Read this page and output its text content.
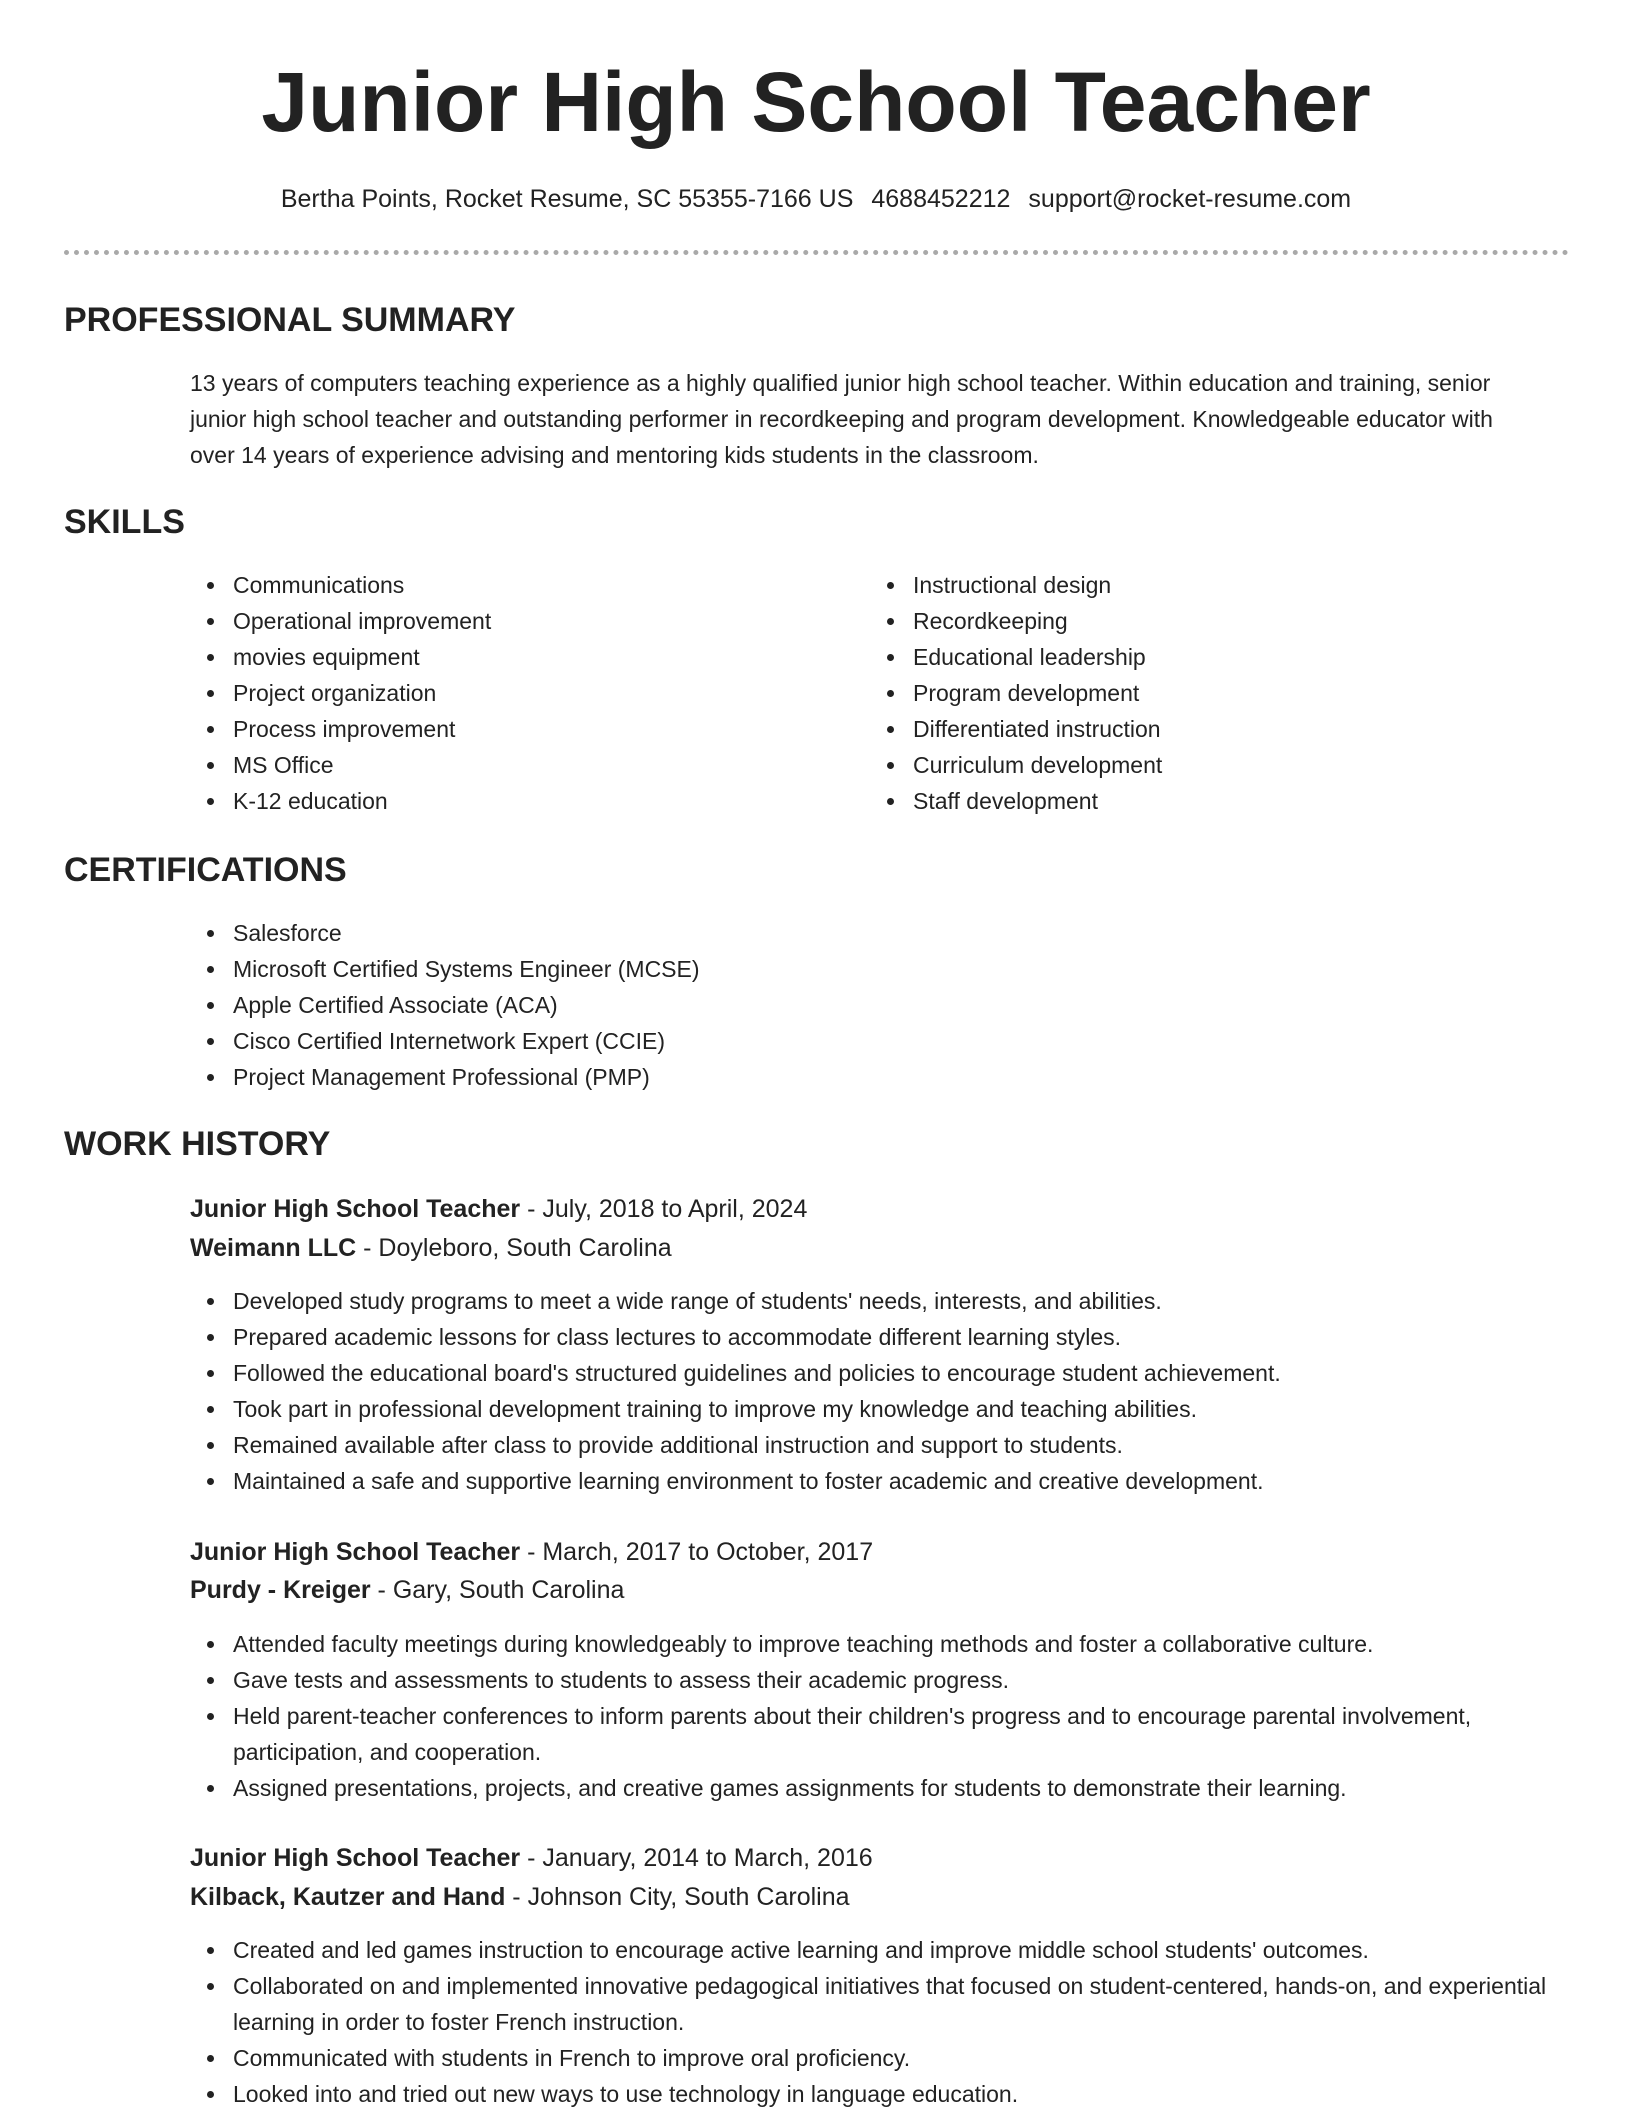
Junior High School Teacher
Bertha Points, Rocket Resume, SC 55355-7166 US 4688452212 support@rocket-resume.com
PROFESSIONAL SUMMARY

13 years of computers teaching experience as a highly qualified junior high school teacher. Within education and training, senior junior high school teacher and outstanding performer in recordkeeping and program development. Knowledgeable educator with over 14 years of experience advising and mentoring kids students in the classroom.

SKILLS
Communications
Operational improvement
movies equipment
Project organization
Process improvement
MS Office
K-12 education
Instructional design
Recordkeeping
Educational leadership
Program development
Differentiated instruction
Curriculum development
Staff development
CERTIFICATIONS
Salesforce
Microsoft Certified Systems Engineer (MCSE)
Apple Certified Associate (ACA)
Cisco Certified Internetwork Expert (CCIE)
Project Management Professional (PMP)
WORK HISTORY
Junior High School Teacher - July, 2018 to April, 2024
Weimann LLC - Doyleboro, South Carolina
Developed study programs to meet a wide range of students' needs, interests, and abilities.
Prepared academic lessons for class lectures to accommodate different learning styles.
Followed the educational board's structured guidelines and policies to encourage student achievement.
Took part in professional development training to improve my knowledge and teaching abilities.
Remained available after class to provide additional instruction and support to students.
Maintained a safe and supportive learning environment to foster academic and creative development.
Junior High School Teacher - March, 2017 to October, 2017
Purdy - Kreiger - Gary, South Carolina
Attended faculty meetings during knowledgeably to improve teaching methods and foster a collaborative culture.
Gave tests and assessments to students to assess their academic progress.
Held parent-teacher conferences to inform parents about their children's progress and to encourage parental involvement, participation, and cooperation.
Assigned presentations, projects, and creative games assignments for students to demonstrate their learning.
Junior High School Teacher - January, 2014 to March, 2016
Kilback, Kautzer and Hand - Johnson City, South Carolina
Created and led games instruction to encourage active learning and improve middle school students' outcomes.
Collaborated on and implemented innovative pedagogical initiatives that focused on student-centered, hands-on, and experiential learning in order to foster French instruction.
Communicated with students in French to improve oral proficiency.
Looked into and tried out new ways to use technology in language education.
